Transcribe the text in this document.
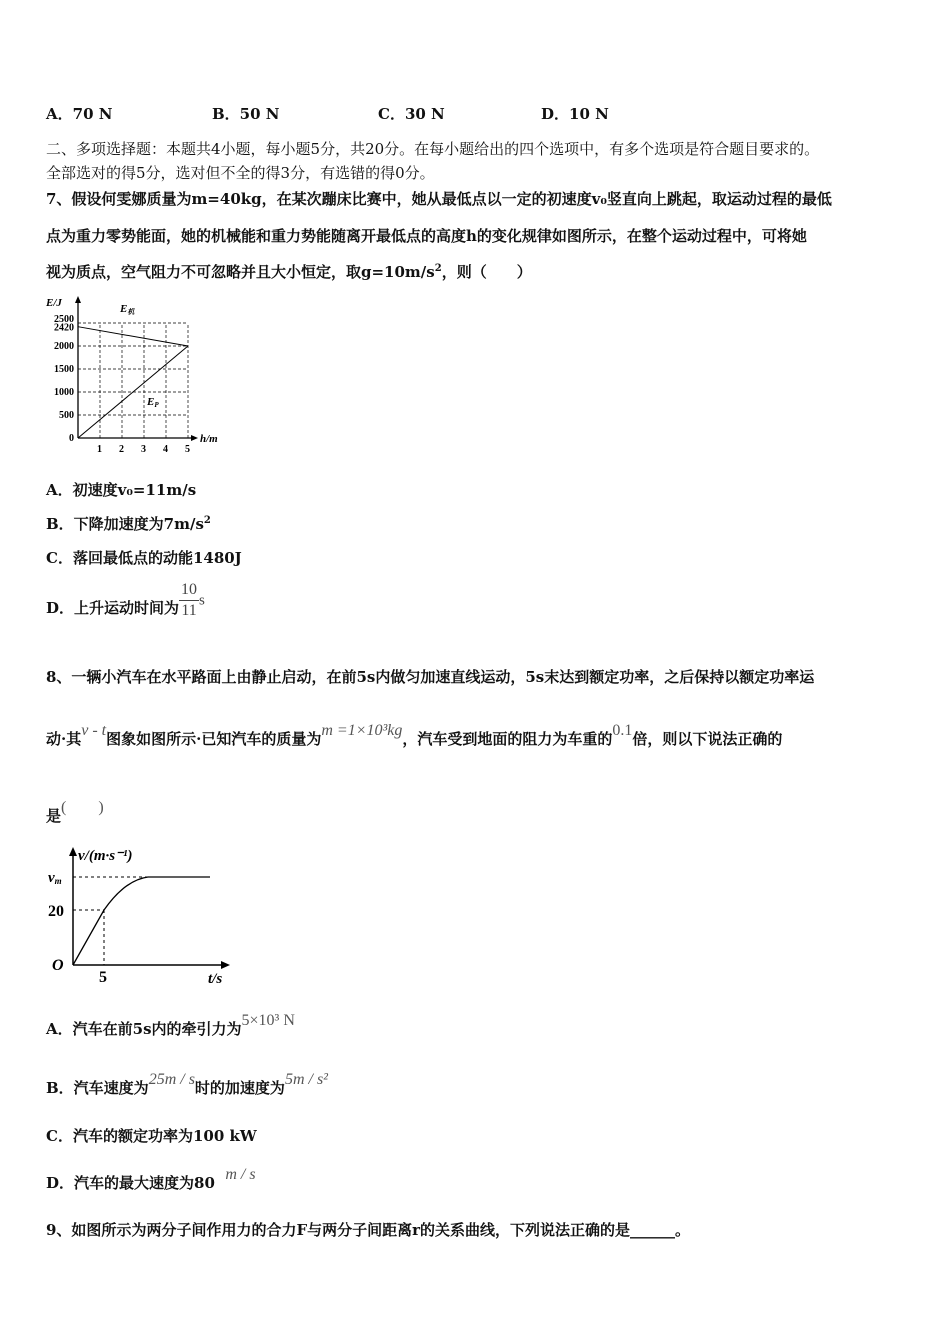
A．70 N	B．50 N	C．30 N	D．10 N
二、多项选择题：本题共4小题，每小题5分，共20分。在每小题给出的四个选项中，有多个选项是符合题目要求的。
全部选对的得5分，选对但不全的得3分，有选错的得0分。
7、假设何雯娜质量为m=40kg，在某次蹦床比赛中，她从最低点以一定的初速度v₀竖直向上跳起，取运动过程的最低
点为重力零势能面，她的机械能和重力势能随离开最低点的高度h的变化规律如图所示，在整个运动过程中，可将她
视为质点，空气阻力不可忽略并且大小恒定，取$g=10m/s^2$，则（　　）
E/J
h/m
E机
EP
1 2 3 4 5
0
500
1000
1500
2000
2420
2500
A．初速度v₀=11m/s
B．下降加速度为$7m/s^2$
C．落回最低点的动能1480J
D．上升运动时间为 $\frac{10}{11}$ s
8、一辆小汽车在水平路面上由静止启动，在前5s内做匀加速直线运动，5s末达到额定功率，之后保持以额定功率运
动·其v - t图象如图所示·已知汽车的质量为m =1×10³kg，汽车受到地面的阻力为车重的0.1倍，则以下说法正确的
是(　　)
v/(m·s⁻¹)
t/s
O
5
20
vm
A．汽车在前5s内的牵引力为5×10³ N
B．汽车速度为25m / s时的加速度为5m / s²
C．汽车的额定功率为100 kW
D．汽车的最大速度为80 m / s
9、如图所示为两分子间作用力的合力F与两分子间距离r的关系曲线，下列说法正确的是______。
